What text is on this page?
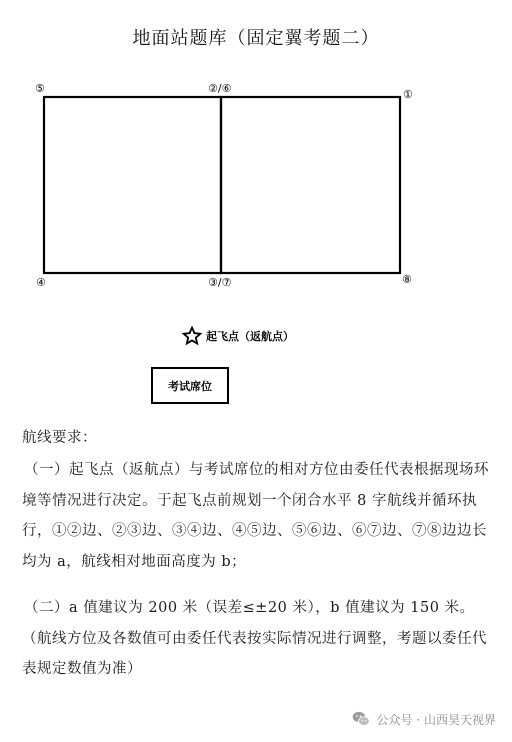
地面站题库（固定翼考题二）
⑤	②/⑥	①
④	③/⑦	⑧
起飞点（返航点）
考试席位
航线要求：
（一）起飞点（返航点）与考试席位的相对方位由委任代表根据现场环境等情况进行决定。于起飞点前规划一个闭合水平 8 字航线并循环执行，①②边、②③边、③④边、④⑤边、⑤⑥边、⑥⑦边、⑦⑧边边长均为 a，航线相对地面高度为 b；
（二）a 值建议为 200 米（误差≤±20 米），b 值建议为 150 米。（航线方位及各数值可由委任代表按实际情况进行调整，考题以委任代表规定数值为准）
公众号 · 山西昊天视界
